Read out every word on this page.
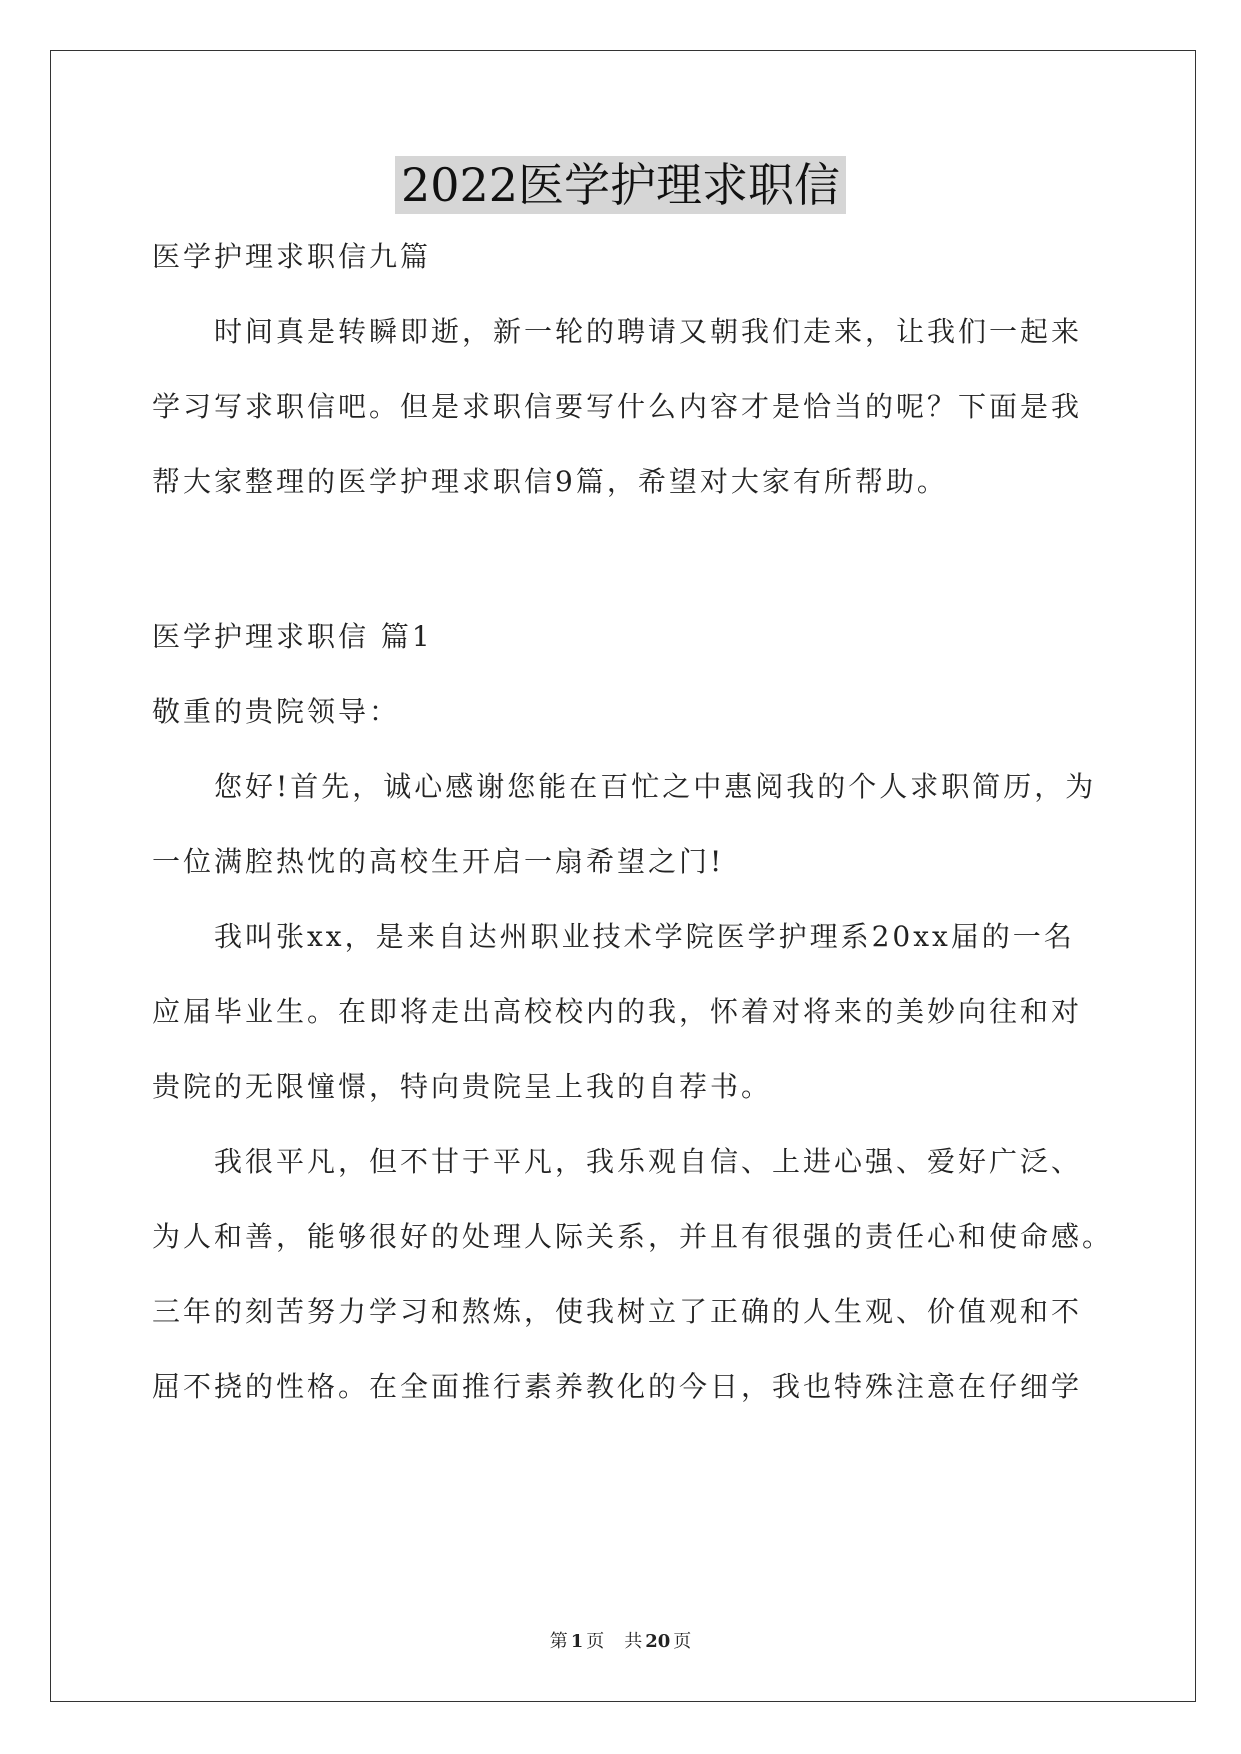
2022医学护理求职信

医学护理求职信九篇

　　时间真是转瞬即逝，新一轮的聘请又朝我们走来，让我们一起来

学习写求职信吧。但是求职信要写什么内容才是恰当的呢？下面是我

帮大家整理的医学护理求职信9篇，希望对大家有所帮助。

医学护理求职信 篇1

敬重的贵院领导：

　　您好!首先，诚心感谢您能在百忙之中惠阅我的个人求职简历，为

一位满腔热忱的高校生开启一扇希望之门!

　　我叫张xx，是来自达州职业技术学院医学护理系20xx届的一名

应届毕业生。在即将走出高校校内的我，怀着对将来的美妙向往和对

贵院的无限憧憬，特向贵院呈上我的自荐书。

　　我很平凡，但不甘于平凡，我乐观自信、上进心强、爱好广泛、

为人和善，能够很好的处理人际关系，并且有很强的责任心和使命感。

三年的刻苦努力学习和熬炼，使我树立了正确的人生观、价值观和不

屈不挠的性格。在全面推行素养教化的今日，我也特殊注意在仔细学

第 1 页 共 20 页
